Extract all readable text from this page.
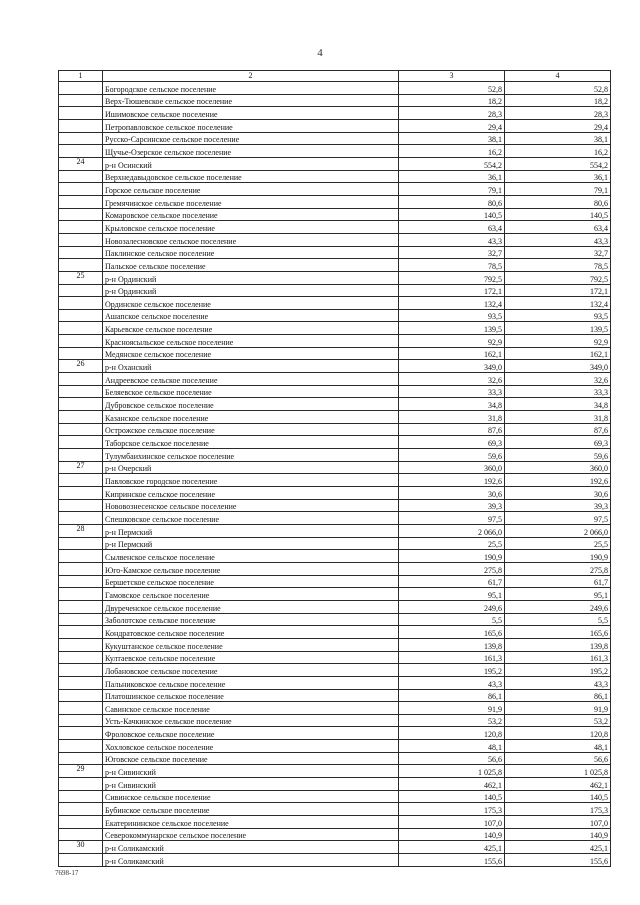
4
1	2	3	4
	Богородское сельское поселение	52,8	52,8
	Верх-Тюшевское сельское поселение	18,2	18,2
	Ишимовское сельское поселение	28,3	28,3
	Петропавловское сельское поселение	29,4	29,4
	Русско-Сарсинское сельское поселение	38,1	38,1
	Щучье-Озерское сельское поселение	16,2	16,2
24	р-н Осинский	554,2	554,2
	Верхнедавыдовское сельское поселение	36,1	36,1
	Горское сельское поселение	79,1	79,1
	Гремячинское сельское поселение	80,6	80,6
	Комаровское сельское поселение	140,5	140,5
	Крыловское сельское поселение	63,4	63,4
	Новозалесновское сельское поселение	43,3	43,3
	Паклинское сельское поселение	32,7	32,7
	Пальское сельское поселение	78,5	78,5
25	р-н Ординский	792,5	792,5
	р-н Ординский	172,1	172,1
	Ординское сельское поселение	132,4	132,4
	Ашапское сельское поселение	93,5	93,5
	Карьевское сельское поселение	139,5	139,5
	Красноясыльское сельское поселение	92,9	92,9
	Медянское сельское поселение	162,1	162,1
26	р-н Оханский	349,0	349,0
	Андреевское сельское поселение	32,6	32,6
	Беляевское сельское поселение	33,3	33,3
	Дубровское сельское поселение	34,8	34,8
	Казанское сельское поселение	31,8	31,8
	Острожское сельское поселение	87,6	87,6
	Таборское сельское поселение	69,3	69,3
	Тулумбаихинское сельское поселение	59,6	59,6
27	р-н Очерский	360,0	360,0
	Павловское городское поселение	192,6	192,6
	Кипринское сельское поселение	30,6	30,6
	Нововознесенское сельское поселение	39,3	39,3
	Спешковское сельское поселение	97,5	97,5
28	р-н Пермский	2 066,0	2 066,0
	р-н Пермский	25,5	25,5
	Сылвенское сельское поселение	190,9	190,9
	Юго-Камское сельское поселение	275,8	275,8
	Бершетское сельское поселение	61,7	61,7
	Гамовское сельское поселение	95,1	95,1
	Двуреченское сельское поселение	249,6	249,6
	Заболотское сельское поселение	5,5	5,5
	Кондратовское сельское поселение	165,6	165,6
	Кукуштанское сельское поселение	139,8	139,8
	Култаевское сельское поселение	161,3	161,3
	Лобановское сельское поселение	195,2	195,2
	Пальниковское сельское поселение	43,3	43,3
	Платошинское сельское поселение	86,1	86,1
	Савинское сельское поселение	91,9	91,9
	Усть-Качкинское сельское поселение	53,2	53,2
	Фроловское сельское поселение	120,8	120,8
	Хохловское сельское поселение	48,1	48,1
	Юговское сельское поселение	56,6	56,6
29	р-н Сивинский	1 025,8	1 025,8
	р-н Сивинский	462,1	462,1
	Сивинское сельское поселение	140,5	140,5
	Бубинское сельское поселение	175,3	175,3
	Екатерининское сельское поселение	107,0	107,0
	Северокоммунарское сельское поселение	140,9	140,9
30	р-н Соликамский	425,1	425,1
	р-н Соликамский	155,6	155,6
7698-17
